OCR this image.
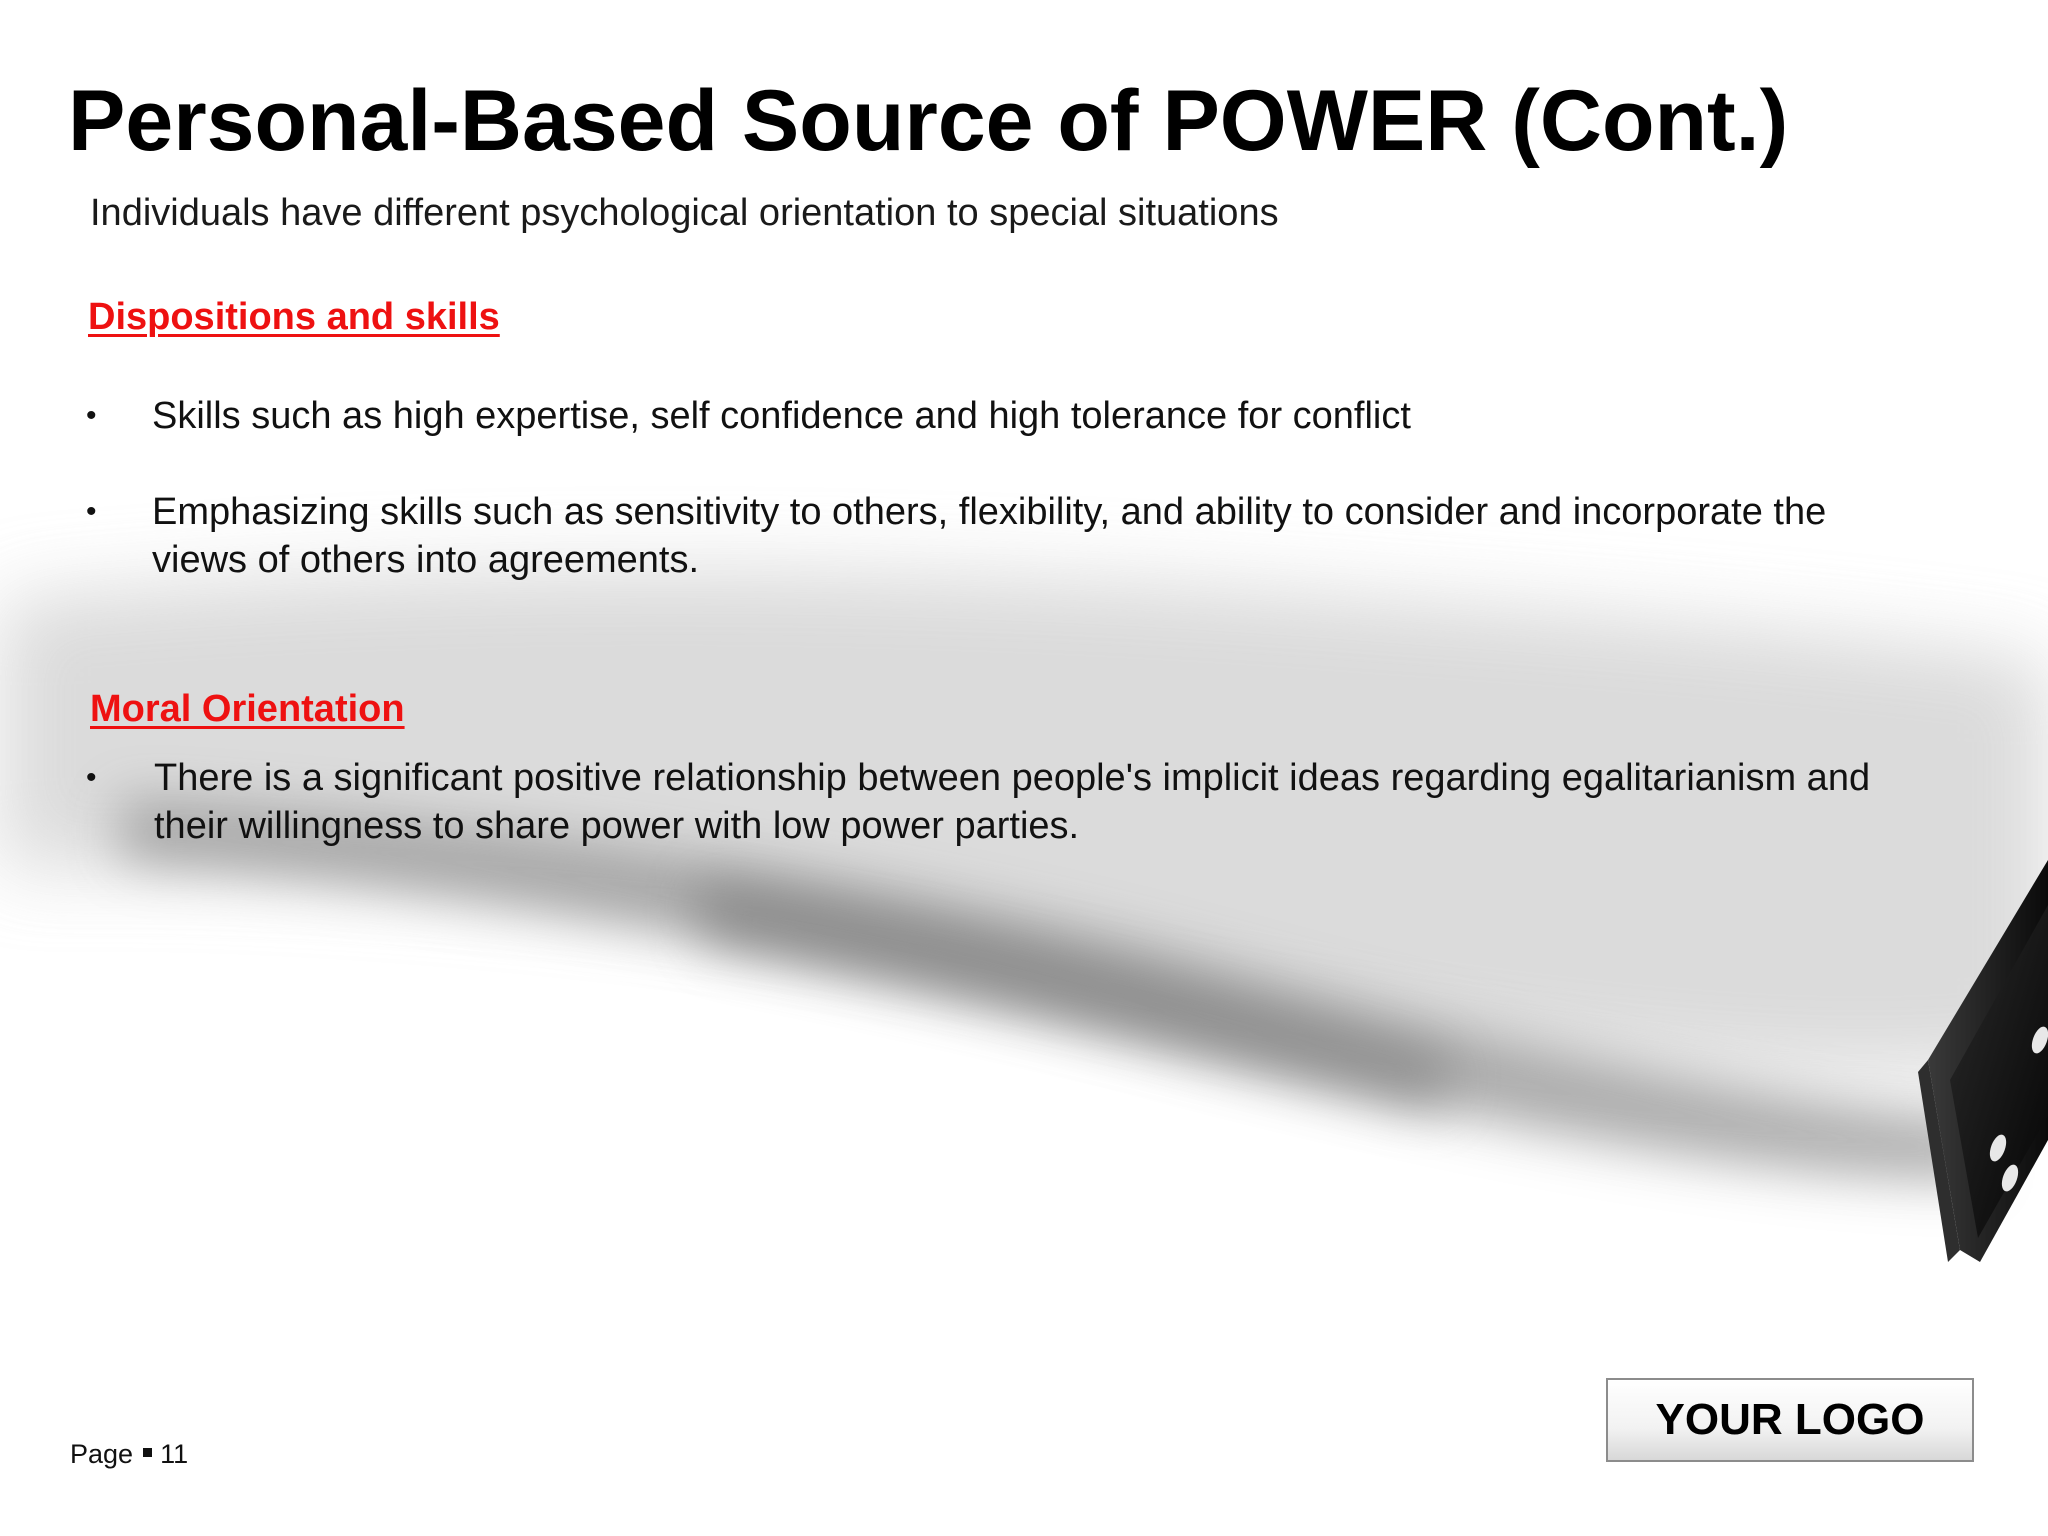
Personal-Based Source of POWER (Cont.)

Individuals have different psychological orientation to special situations

Dispositions and skills
•	Skills such as high expertise, self confidence and high tolerance for conflict
•	Emphasizing skills such as sensitivity to others, flexibility, and ability to consider and incorporate the views of others into agreements.
Moral Orientation
•	There is a significant positive relationship between people's implicit ideas regarding egalitarianism and their willingness to share power with low power parties.
Page 11
YOUR LOGO
